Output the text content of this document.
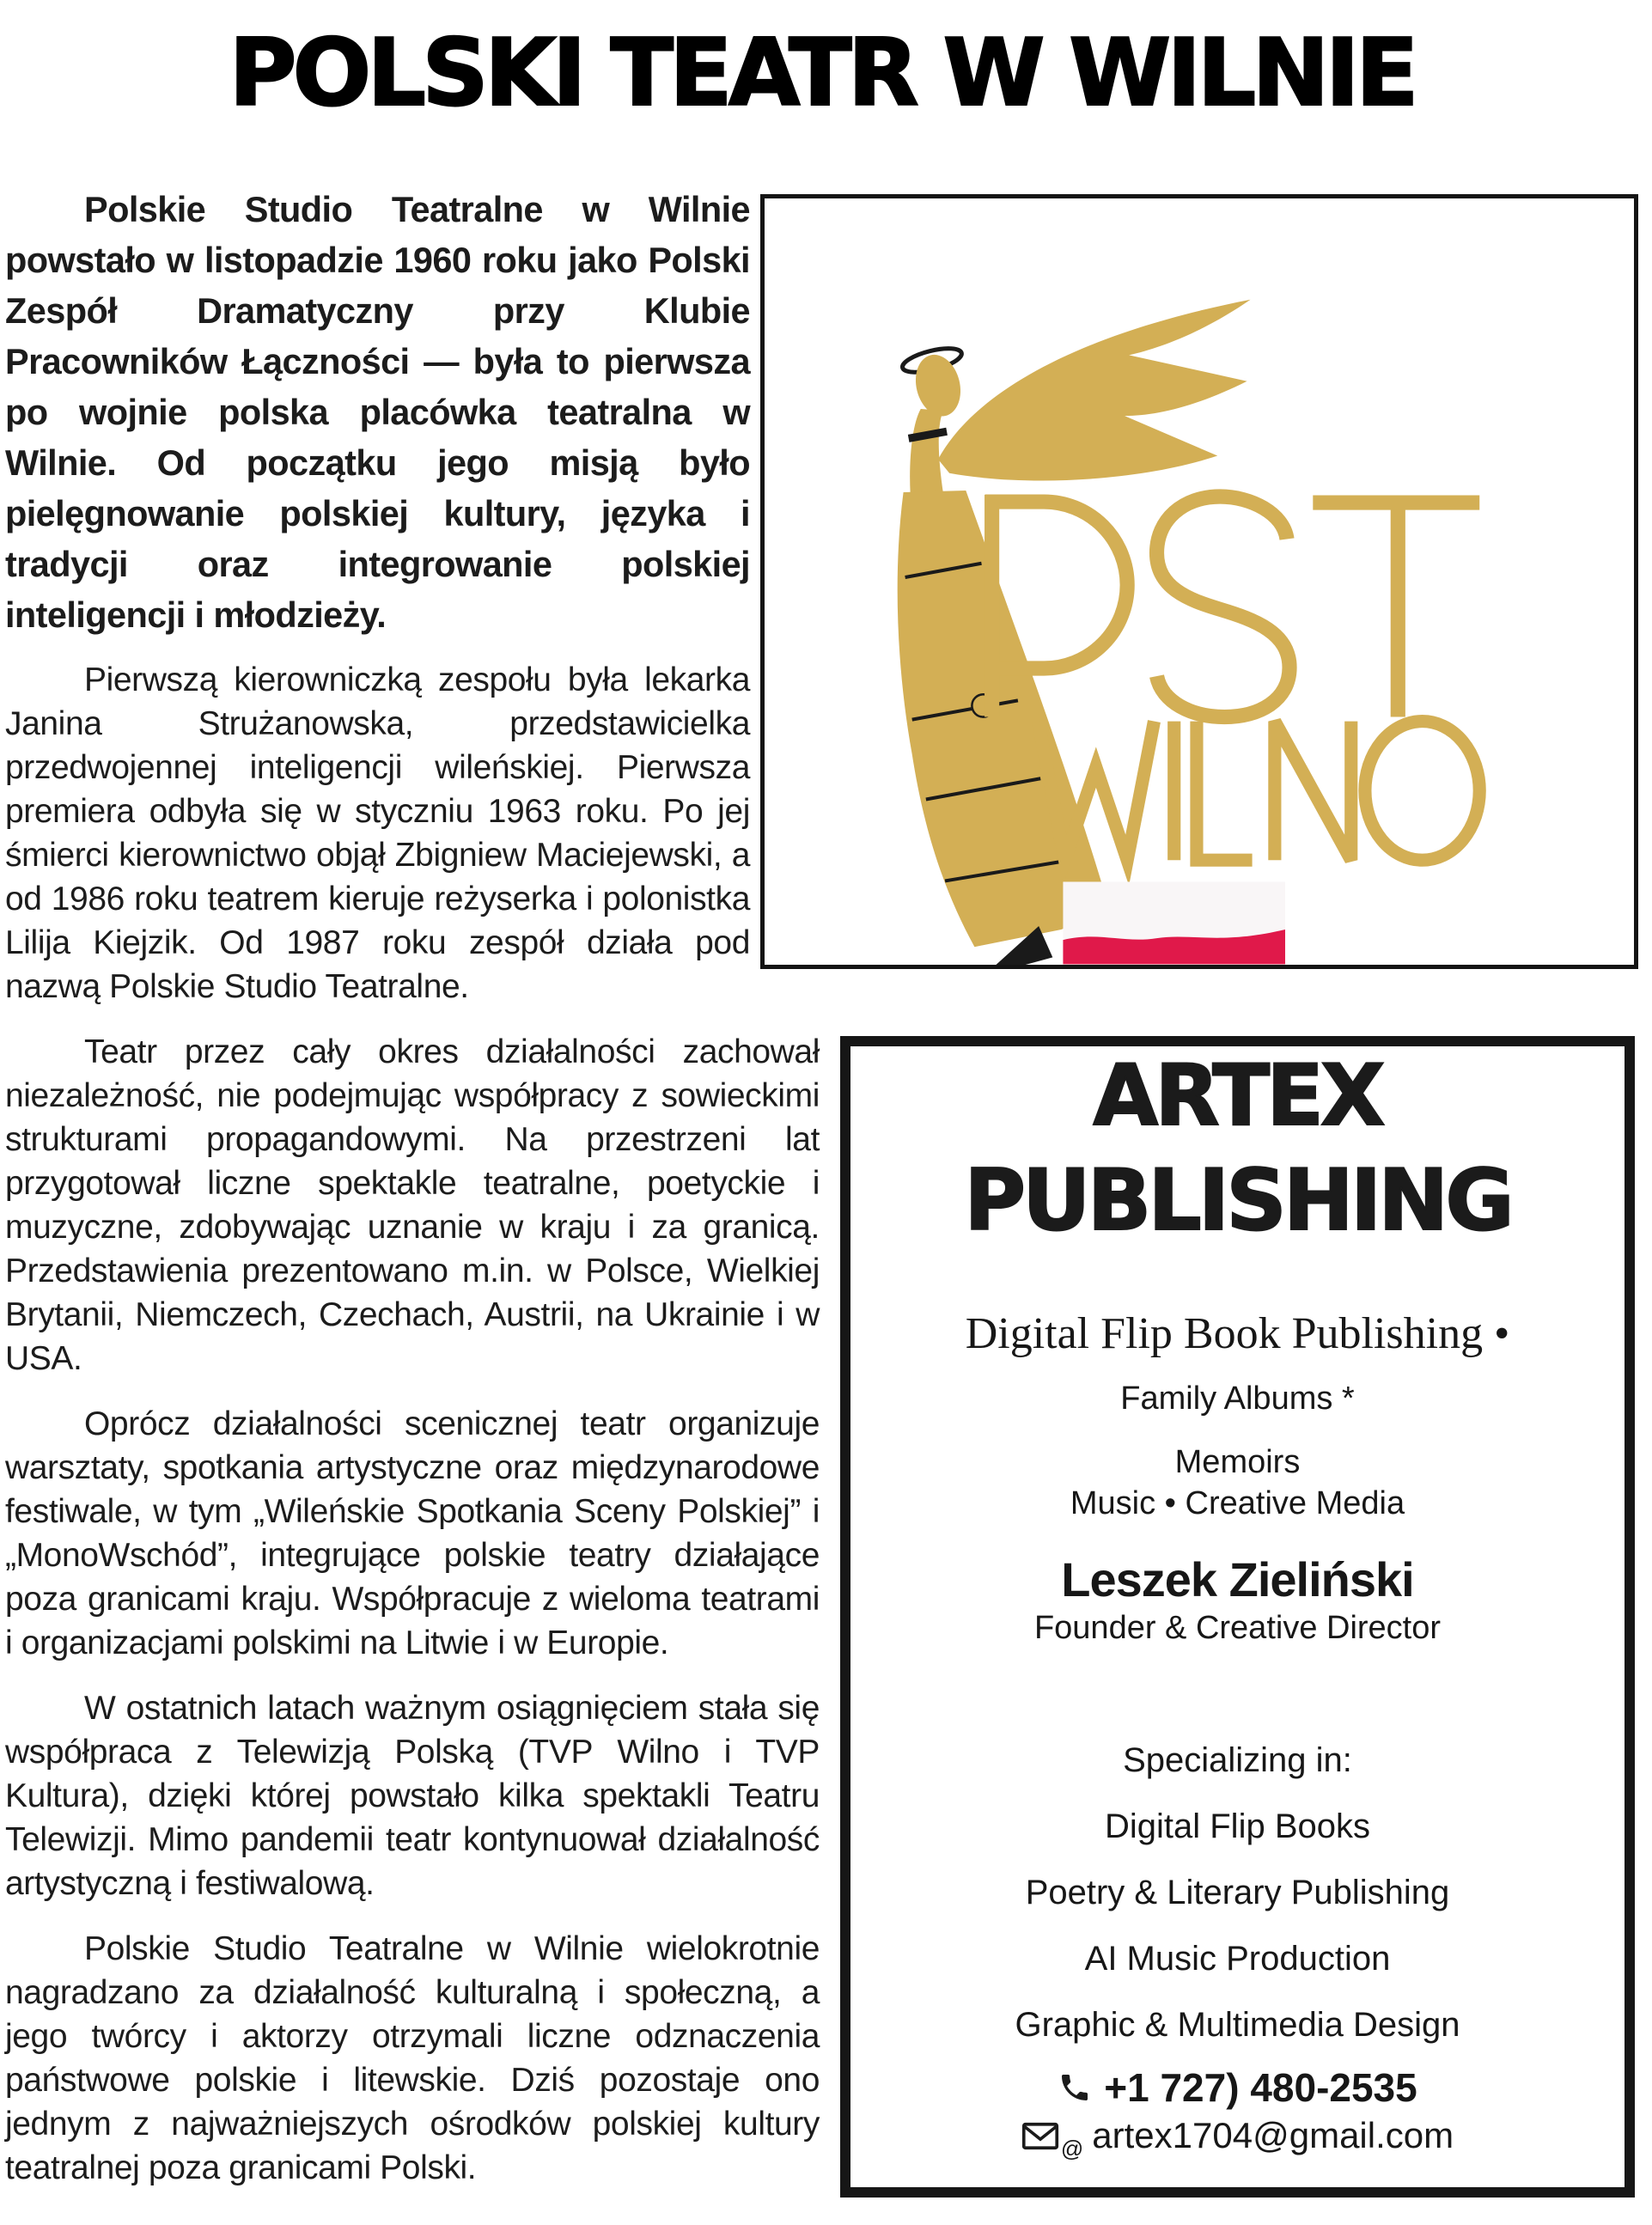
POLSKI TEATR W WILNIE
ARTEX
PUBLISHING
Digital Flip Book Publishing •
Family Albums *
Memoirs
Music • Creative Media
Leszek Zieliński
Founder & Creative Director
Specializing in:
Digital Flip Books
Poetry & Literary Publishing
AI Music Production
Graphic & Multimedia Design
+1 727) 480-2535
@ artex1704@gmail.com

Polskie Studio Teatralne w Wilnie powstało w listopadzie 1960 roku jako Polski Zespół Dramatyczny przy Klubie Pracowników Łączności — była to pierwsza po wojnie polska placówka teatralna w Wilnie. Od początku jego misją było pielęgnowanie polskiej kultury, języka i tradycji oraz integrowanie polskiej inteligencji i młodzieży.

Pierwszą kierowniczką zespołu była lekarka Janina Strużanowska, przedstawicielka przedwojennej inteligencji wileńskiej. Pierwsza premiera odbyła się w styczniu 1963 roku. Po jej śmierci kierownictwo objął Zbigniew Maciejewski, a od 1986 roku teatrem kieruje reżyserka i polonistka Lilija Kiejzik. Od 1987 roku zespół działa pod nazwą Polskie Studio Teatralne.

Teatr przez cały okres działalności zachował niezależność, nie podejmując współpracy z sowieckimi strukturami propagandowymi. Na przestrzeni lat przygotował liczne spektakle teatralne, poetyckie i muzyczne, zdobywając uznanie w kraju i za granicą. Przedstawienia prezentowano m.in. w Polsce, Wielkiej Brytanii, Niemczech, Czechach, Austrii, na Ukrainie i w USA.

Oprócz działalności scenicznej teatr organizuje warsztaty, spotkania artystyczne oraz międzynarodowe festiwale, w tym „Wileńskie Spotkania Sceny Polskiej” i „MonoWschód”, integrujące polskie teatry działające poza granicami kraju. Współpracuje z wieloma teatrami i organizacjami polskimi na Litwie i w Europie.

W ostatnich latach ważnym osiągnięciem stała się współpraca z Telewizją Polską (TVP Wilno i TVP Kultura), dzięki której powstało kilka spektakli Teatru Telewizji. Mimo pandemii teatr kontynuował działalność artystyczną i festiwalową.

Polskie Studio Teatralne w Wilnie wielokrotnie nagradzano za działalność kulturalną i społeczną, a jego twórcy i aktorzy otrzymali liczne odznaczenia państwowe polskie i litewskie. Dziś pozostaje ono jednym z najważniejszych ośrodków polskiej kultury teatralnej poza granicami Polski.
